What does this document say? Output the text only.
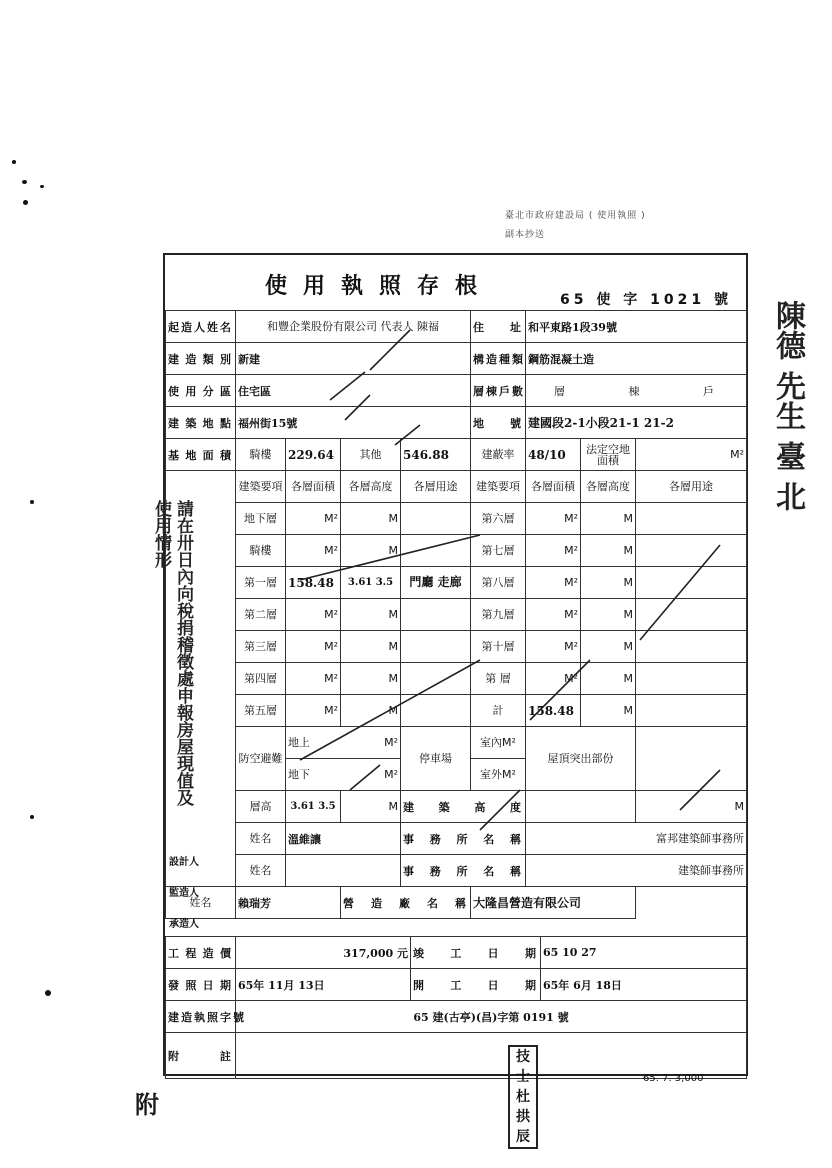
臺北市政府建設局 ( 使用執照 )
副本抄送
請在卅日內向稅捐稽徵處申報房屋現值及使用情形
陳德 先生 臺 北
使用執照存根
65 使 字 1021 號
起造人姓名	和豐企業股份有限公司 代表人 陳福				住址	和平東路1段39號		
建造類別	新建				構造種類	鋼筋混凝土造		
使用分區	住宅區				層棟戶數	層 棟 戶		
建築地點	福州街15號				地號	建國段2-1小段21-1 21-2		
基地面積	騎樓	229.64	其他	546.88	建蔽率	48/10	法定空地面積	M²
	建築要項	各層面積	各層高度	各層用途	建築要項	各層面積	各層高度	各層用途
	地下層	M²	M		第六層	M²	M	
	騎樓	M²	M		第七層	M²	M	
	第一層	158.48	3.61 3.5	門廳 走廊	第八層	M²	M	
	第二層	M²	M		第九層	M²	M	
	第三層	M²	M		第十層	M²	M	
	第四層	M²	M		第 層	M²	M	
	第五層	M²	M		計	158.48	M	
	防空避難	地上 M²		停車場	室內M²	屋頂突出部份		
		地下 M²			室外M²			
	層高	3.61 3.5	M	建築高度				M
	姓名	溫維讓		事務所名稱		富邦建築師事務所		
	姓名			事務所名稱		建築師事務所		
姓名	賴瑞芳		營造廠名稱		大隆昌營造有限公司			
設計人
監造人
承造人
工程造價	317,000 元	竣工日期	65 10 27
發照日期	65年 11月 13日	開工日期	65年 6月 18日
建造執照字號	65 建(古亭)(昌)字第 0191 號		
附註			
65. 7. 3,000
技士 杜拱辰
附
